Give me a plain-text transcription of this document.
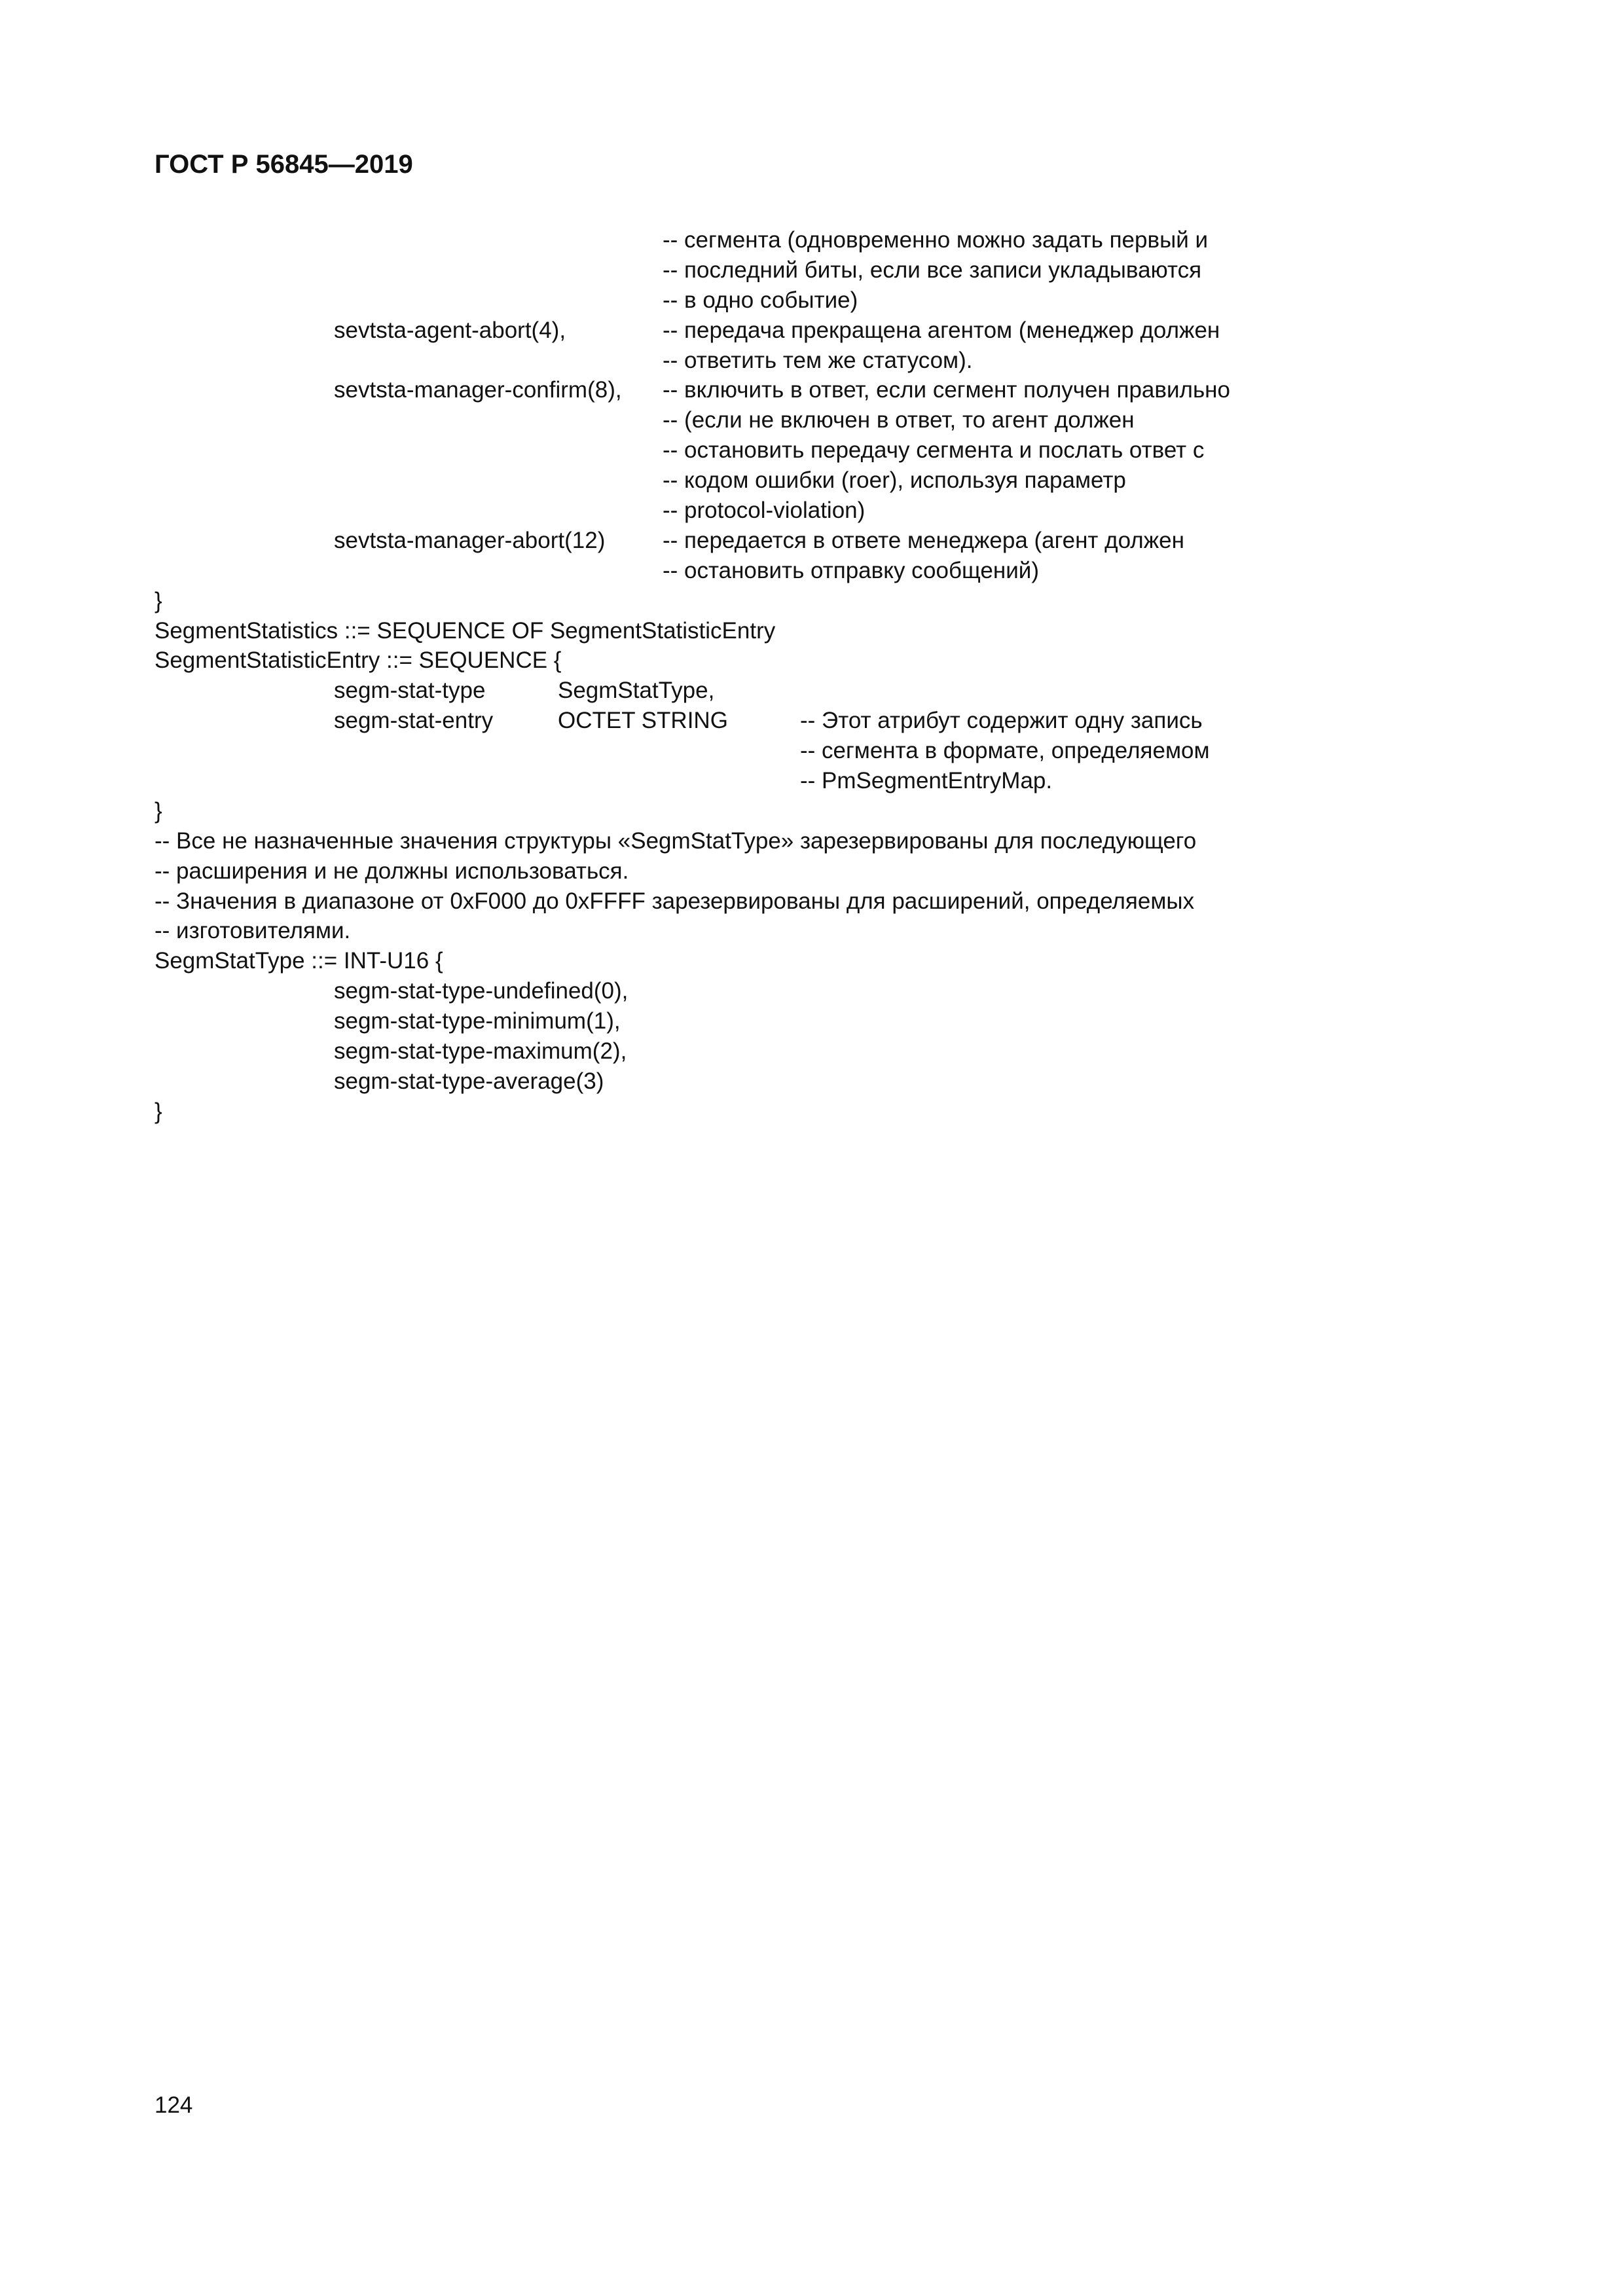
ГОСТ Р 56845—2019
-- сегмента (одновременно можно задать первый и
-- последний биты, если все записи укладываются
-- в одно событие)
sevtsta-agent-abort(4),	-- передача прекращена агентом (менеджер должен
-- ответить тем же статусом).
sevtsta-manager-confirm(8), -- включить в ответ, если сегмент получен правильно
-- (если не включен в ответ, то агент должен
-- остановить передачу сегмента и послать ответ с
-- кодом ошибки (roer), используя параметр
-- protocol-violation)
sevtsta-manager-abort(12)	-- передается в ответе менеджера (агент должен
-- остановить отправку сообщений)
}
SegmentStatistics ::= SEQUENCE OF SegmentStatisticEntry
SegmentStatisticEntry ::= SEQUENCE {
segm-stat-type	SegmStatType,
segm-stat-entry	OCTET STRING	-- Этот атрибут содержит одну запись
-- сегмента в формате, определяемом
-- PmSegmentEntryMap.
}
-- Все не назначенные значения структуры «SegmStatType» зарезервированы для последующего
-- расширения и не должны использоваться.
-- Значения в диапазоне от 0xF000 до 0xFFFF зарезервированы для расширений, определяемых
-- изготовителями.
SegmStatType ::= INT-U16 {
segm-stat-type-undefined(0),
segm-stat-type-minimum(1),
segm-stat-type-maximum(2),
segm-stat-type-average(3)
}
124
